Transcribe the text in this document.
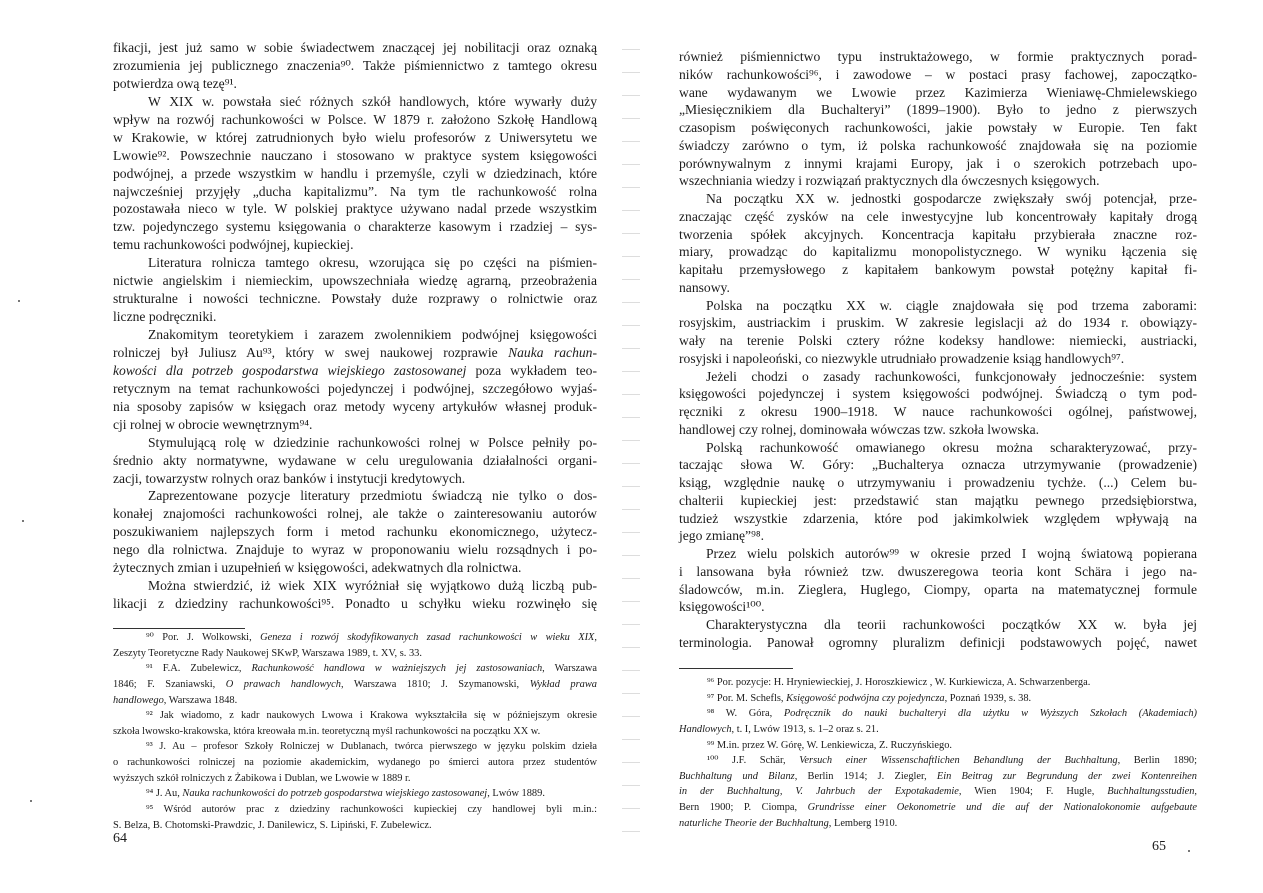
fikacji, jest już samo w sobie świadectwem znaczącej jej nobilitacji oraz oznaką
zrozumienia jej publicznego znaczenia⁹⁰. Także piśmiennictwo z tamtego okresu
potwierdza ową tezę⁹¹.
W XIX w. powstała sieć różnych szkół handlowych, które wywarły duży
wpływ na rozwój rachunkowości w Polsce. W 1879 r. założono Szkołę Handlową
w Krakowie, w której zatrudnionych było wielu profesorów z Uniwersytetu we
Lwowie⁹². Powszechnie nauczano i stosowano w praktyce system księgowości
podwójnej, a przede wszystkim w handlu i przemyśle, czyli w dziedzinach, które
najwcześniej przyjęły „ducha kapitalizmu”. Na tym tle rachunkowość rolna
pozostawała nieco w tyle. W polskiej praktyce używano nadal przede wszystkim
tzw. pojedynczego systemu księgowania o charakterze kasowym i rzadziej – sys-
temu rachunkowości podwójnej, kupieckiej.
Literatura rolnicza tamtego okresu, wzorująca się po części na piśmien-
nictwie angielskim i niemieckim, upowszechniała wiedzę agrarną, przeobrażenia
strukturalne i nowości techniczne. Powstały duże rozprawy o rolnictwie oraz
liczne podręczniki.
Znakomitym teoretykiem i zarazem zwolennikiem podwójnej księgowości
rolniczej był Juliusz Au⁹³, który w swej naukowej rozprawie Nauka rachun-
kowości dla potrzeb gospodarstwa wiejskiego zastosowanej poza wykładem teo-
retycznym na temat rachunkowości pojedynczej i podwójnej, szczegółowo wyjaś-
nia sposoby zapisów w księgach oraz metody wyceny artykułów własnej produk-
cji rolnej w obrocie wewnętrznym⁹⁴.
Stymulującą rolę w dziedzinie rachunkowości rolnej w Polsce pełniły po-
średnio akty normatywne, wydawane w celu uregulowania działalności organi-
zacji, towarzystw rolnych oraz banków i instytucji kredytowych.
Zaprezentowane pozycje literatury przedmiotu świadczą nie tylko o dos-
konałej znajomości rachunkowości rolnej, ale także o zainteresowaniu autorów
poszukiwaniem najlepszych form i metod rachunku ekonomicznego, użytecz-
nego dla rolnictwa. Znajduje to wyraz w proponowaniu wielu rozsądnych i po-
żytecznych zmian i uzupełnień w księgowości, adekwatnych dla rolnictwa.
Można stwierdzić, iż wiek XIX wyróżniał się wyjątkowo dużą liczbą pub-
likacji z dziedziny rachunkowości⁹⁵. Ponadto u schyłku wieku rozwinęło się
⁹⁰ Por. J. Wolkowski, Geneza i rozwój skodyfikowanych zasad rachunkowości w wieku XIX,
Zeszyty Teoretyczne Rady Naukowej SKwP, Warszawa 1989, t. XV, s. 33.
⁹¹ F.A. Zubelewicz, Rachunkowość handlowa w ważniejszych jej zastosowaniach, Warszawa
1846; F. Szaniawski, O prawach handlowych, Warszawa 1810; J. Szymanowski, Wykład prawa
handlowego, Warszawa 1848.
⁹² Jak wiadomo, z kadr naukowych Lwowa i Krakowa wykształciła się w późniejszym okresie
szkoła lwowsko-krakowska, która kreowała m.in. teoretyczną myśl rachunkowości na początku XX w.
⁹³ J. Au – profesor Szkoły Rolniczej w Dublanach, twórca pierwszego w języku polskim dzieła
o rachunkowości rolniczej na poziomie akademickim, wydanego po śmierci autora przez studentów
wyższych szkół rolniczych z Żabikowa i Dublan, we Lwowie w 1889 r.
⁹⁴ J. Au, Nauka rachunkowości do potrzeb gospodarstwa wiejskiego zastosowanej, Lwów 1889.
⁹⁵ Wśród autorów prac z dziedziny rachunkowości kupieckiej czy handlowej byli m.in.:
S. Belza, B. Chotomski-Prawdzic, J. Danilewicz, S. Lipiński, F. Zubelewicz.
64
również piśmiennictwo typu instruktażowego, w formie praktycznych porad-
ników rachunkowości⁹⁶, i zawodowe – w postaci prasy fachowej, zapoczątko-
wane wydawanym we Lwowie przez Kazimierza Wieniawę-Chmielewskiego
„Miesięcznikiem dla Buchalteryi” (1899–1900). Było to jedno z pierwszych
czasopism poświęconych rachunkowości, jakie powstały w Europie. Ten fakt
świadczy zarówno o tym, iż polska rachunkowość znajdowała się na poziomie
porównywalnym z innymi krajami Europy, jak i o szerokich potrzebach upo-
wszechniania wiedzy i rozwiązań praktycznych dla ówczesnych księgowych.
Na początku XX w. jednostki gospodarcze zwiększały swój potencjał, prze-
znaczając część zysków na cele inwestycyjne lub koncentrowały kapitały drogą
tworzenia spółek akcyjnych. Koncentracja kapitału przybierała znaczne roz-
miary, prowadząc do kapitalizmu monopolistycznego. W wyniku łączenia się
kapitału przemysłowego z kapitałem bankowym powstał potężny kapitał fi-
nansowy.
Polska na początku XX w. ciągle znajdowała się pod trzema zaborami:
rosyjskim, austriackim i pruskim. W zakresie legislacji aż do 1934 r. obowiązy-
wały na terenie Polski cztery różne kodeksy handlowe: niemiecki, austriacki,
rosyjski i napoleoński, co niezwykle utrudniało prowadzenie ksiąg handlowych⁹⁷.
Jeżeli chodzi o zasady rachunkowości, funkcjonowały jednocześnie: system
księgowości pojedynczej i system księgowości podwójnej. Świadczą o tym pod-
ręczniki z okresu 1900–1918. W nauce rachunkowości ogólnej, państwowej,
handlowej czy rolnej, dominowała wówczas tzw. szkoła lwowska.
Polską rachunkowość omawianego okresu można scharakteryzować, przy-
taczając słowa W. Góry: „Buchalterya oznacza utrzymywanie (prowadzenie)
ksiąg, względnie naukę o utrzymywaniu i prowadzeniu tychże. (...) Celem bu-
chalterii kupieckiej jest: przedstawić stan majątku pewnego przedsiębiorstwa,
tudzież wszystkie zdarzenia, które pod jakimkolwiek względem wpływają na
jego zmianę”⁹⁸.
Przez wielu polskich autorów⁹⁹ w okresie przed I wojną światową popierana
i lansowana była również tzw. dwuszeregowa teoria kont Schära i jego na-
śladowców, m.in. Zieglera, Huglego, Ciompy, oparta na matematycznej formule
księgowości¹⁰⁰.
Charakterystyczna dla teorii rachunkowości początków XX w. była jej
terminologia. Panował ogromny pluralizm definicji podstawowych pojęć, nawet
⁹⁶ Por. pozycje: H. Hryniewieckiej, J. Horoszkiewicz , W. Kurkiewicza, A. Schwarzenberga.
⁹⁷ Por. M. Schefls, Księgowość podwójna czy pojedyncza, Poznań 1939, s. 38.
⁹⁸ W. Góra, Podręcznik do nauki buchalteryi dla użytku w Wyższych Szkołach (Akademiach)
Handlowych, t. I, Lwów 1913, s. 1–2 oraz s. 21.
⁹⁹ M.in. przez W. Górę, W. Lenkiewicza, Z. Ruczyńskiego.
¹⁰⁰ J.F. Schär, Versuch einer Wissenschaftlichen Behandlung der Buchhaltung, Berlin 1890;
Buchhaltung und Bilanz, Berlin 1914; J. Ziegler, Ein Beitrag zur Begrundung der zwei Kontenreihen
in der Buchhaltung, V. Jahrbuch der Expotakademie, Wien 1904; F. Hugle, Buchhaltungsstudien,
Bern 1900; P. Ciompa, Grundrisse einer Oekonometrie und die auf der Nationalokonomie aufgebaute
naturliche Theorie der Buchhaltung, Lemberg 1910.
65
